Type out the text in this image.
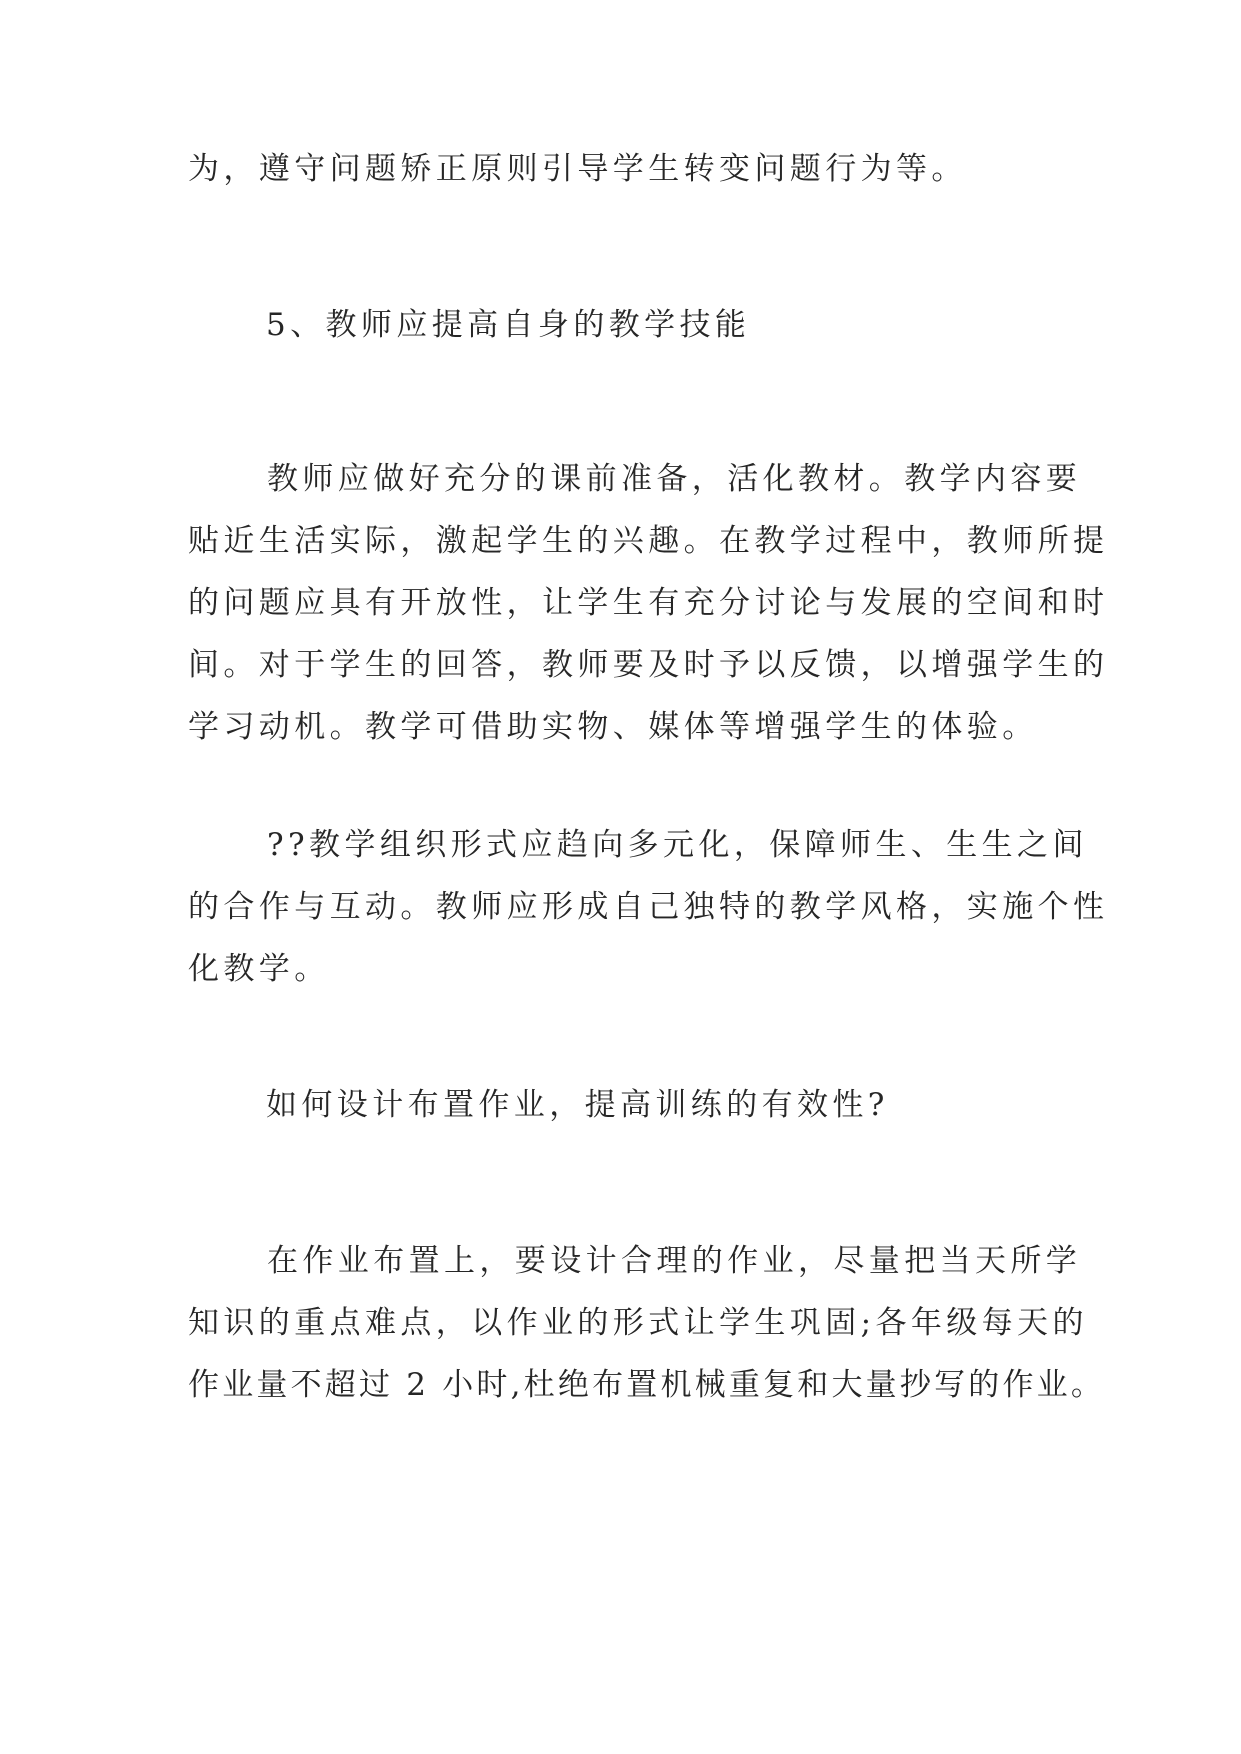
为，遵守问题矫正原则引导学生转变问题行为等。
5、教师应提高自身的教学技能
教师应做好充分的课前准备，活化教材。教学内容要
贴近生活实际，激起学生的兴趣。在教学过程中，教师所提
的问题应具有开放性，让学生有充分讨论与发展的空间和时
间。对于学生的回答，教师要及时予以反馈，以增强学生的
学习动机。教学可借助实物、媒体等增强学生的体验。
??教学组织形式应趋向多元化，保障师生、生生之间
的合作与互动。教师应形成自己独特的教学风格，实施个性
化教学。
如何设计布置作业，提高训练的有效性?
在作业布置上，要设计合理的作业，尽量把当天所学
知识的重点难点，以作业的形式让学生巩固;各年级每天的
作业量不超过 2 小时,杜绝布置机械重复和大量抄写的作业。
